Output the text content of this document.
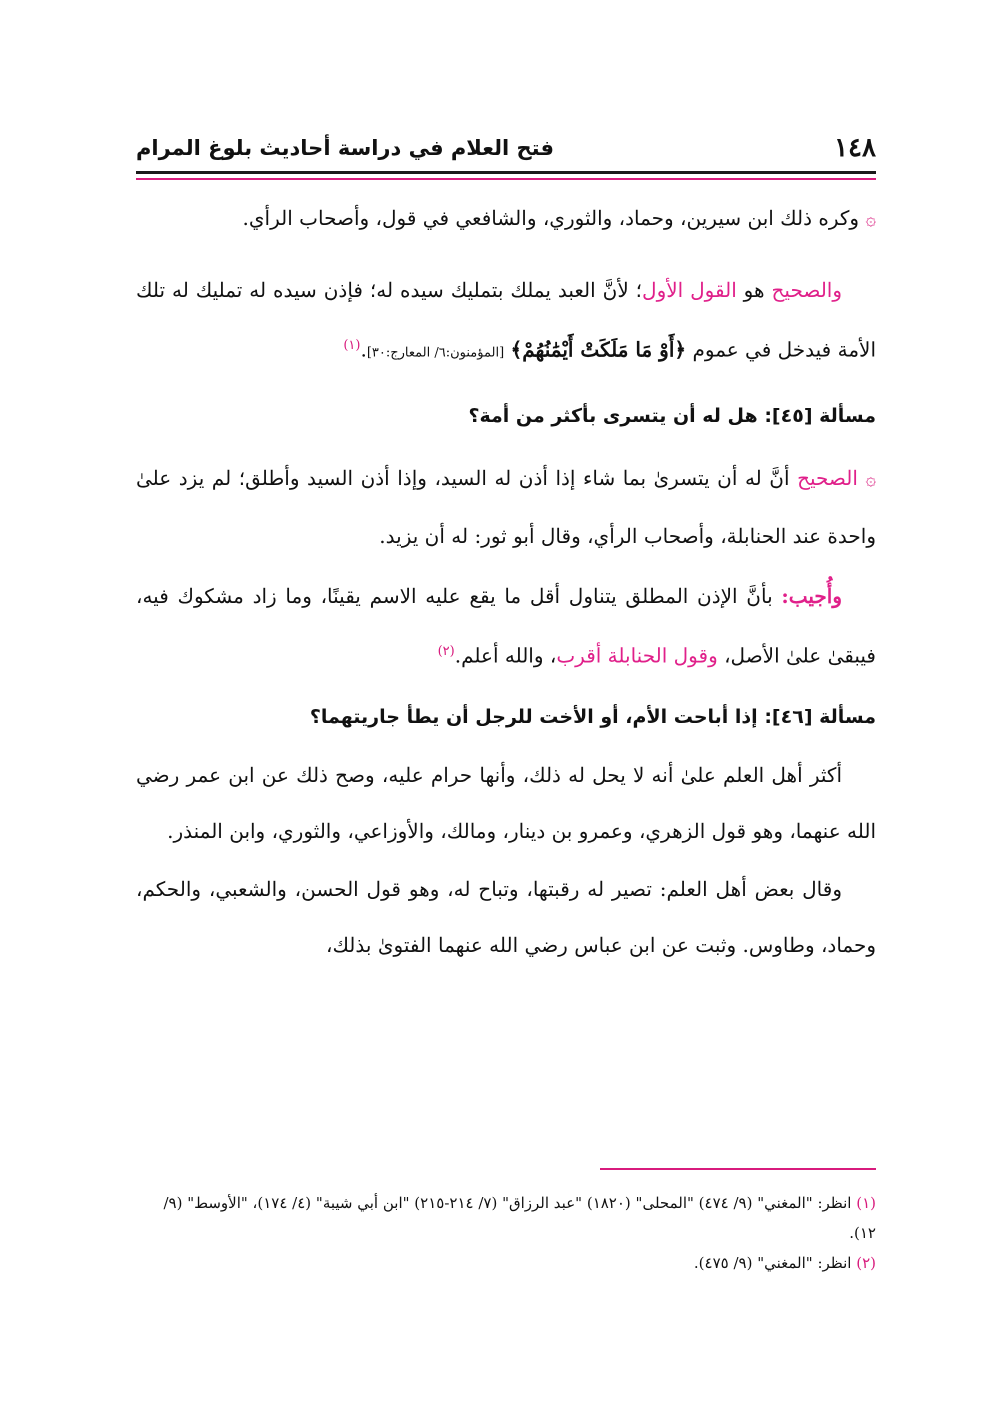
١٤٨
فتح العلام في دراسة أحاديث بلوغ المرام

۞ وكره ذلك ابن سيرين، وحماد، والثوري، والشافعي في قول، وأصحاب الرأي.

والصحيح هو القول الأول؛ لأنَّ العبد يملك بتمليك سيده له؛ فإذن سيده له تمليك له تلك الأمة فيدخل في عموم ﴿أَوْ مَا مَلَكَتْ أَيْمَٰنُهُمْ﴾ [المؤمنون:٦/ المعارج:٣٠].$^{(١)}$

مسألة [٤٥]: هل له أن يتسرى بأكثر من أمة؟

۞ الصحيح أنَّ له أن يتسرىٰ بما شاء إذا أذن له السيد، وإذا أذن السيد وأطلق؛ لم يزد علىٰ واحدة عند الحنابلة، وأصحاب الرأي، وقال أبو ثور: له أن يزيد.

وأُجيب: بأنَّ الإذن المطلق يتناول أقل ما يقع عليه الاسم يقينًا، وما زاد مشكوك فيه، فيبقىٰ علىٰ الأصل، وقول الحنابلة أقرب، والله أعلم.$^{(٢)}$

مسألة [٤٦]: إذا أباحت الأم، أو الأخت للرجل أن يطأ جاريتهما؟

أكثر أهل العلم علىٰ أنه لا يحل له ذلك، وأنها حرام عليه، وصح ذلك عن ابن عمر رضي الله عنهما، وهو قول الزهري، وعمرو بن دينار، ومالك، والأوزاعي، والثوري، وابن المنذر.

وقال بعض أهل العلم: تصير له رقبتها، وتباح له، وهو قول الحسن، والشعبي، والحكم، وحماد، وطاوس. وثبت عن ابن عباس رضي الله عنهما الفتوىٰ بذلك،

(١) انظر: "المغني" (٩/ ٤٧٤) "المحلى" (١٨٢٠) "عبد الرزاق" (٧/ ٢١٤-٢١٥) "ابن أبي شيبة" (٤/ ١٧٤)، "الأوسط" (٩/ ١٢).

(٢) انظر: "المغني" (٩/ ٤٧٥).
